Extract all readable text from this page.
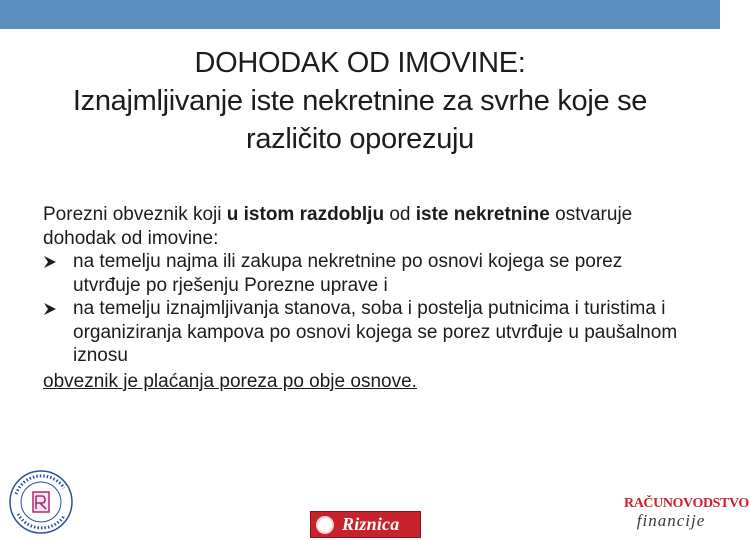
DOHODAK OD IMOVINE:
Iznajmljivanje iste nekretnine za svrhe koje se
različito oporezuju
Porezni obveznik koji u istom razdoblju od iste nekretnine ostvaruje dohodak od imovine:
na temelju najma ili zakupa nekretnine po osnovi kojega se porez utvrđuje po rješenju Porezne uprave i
na temelju iznajmljivanja stanova, soba i postelja putnicima i turistima i organiziranja kampova po osnovi kojega se porez utvrđuje u paušalnom iznosu
obveznik je plaćanja poreza po obje osnove.
Riznica
RAČUNOVODSTVO
financije
